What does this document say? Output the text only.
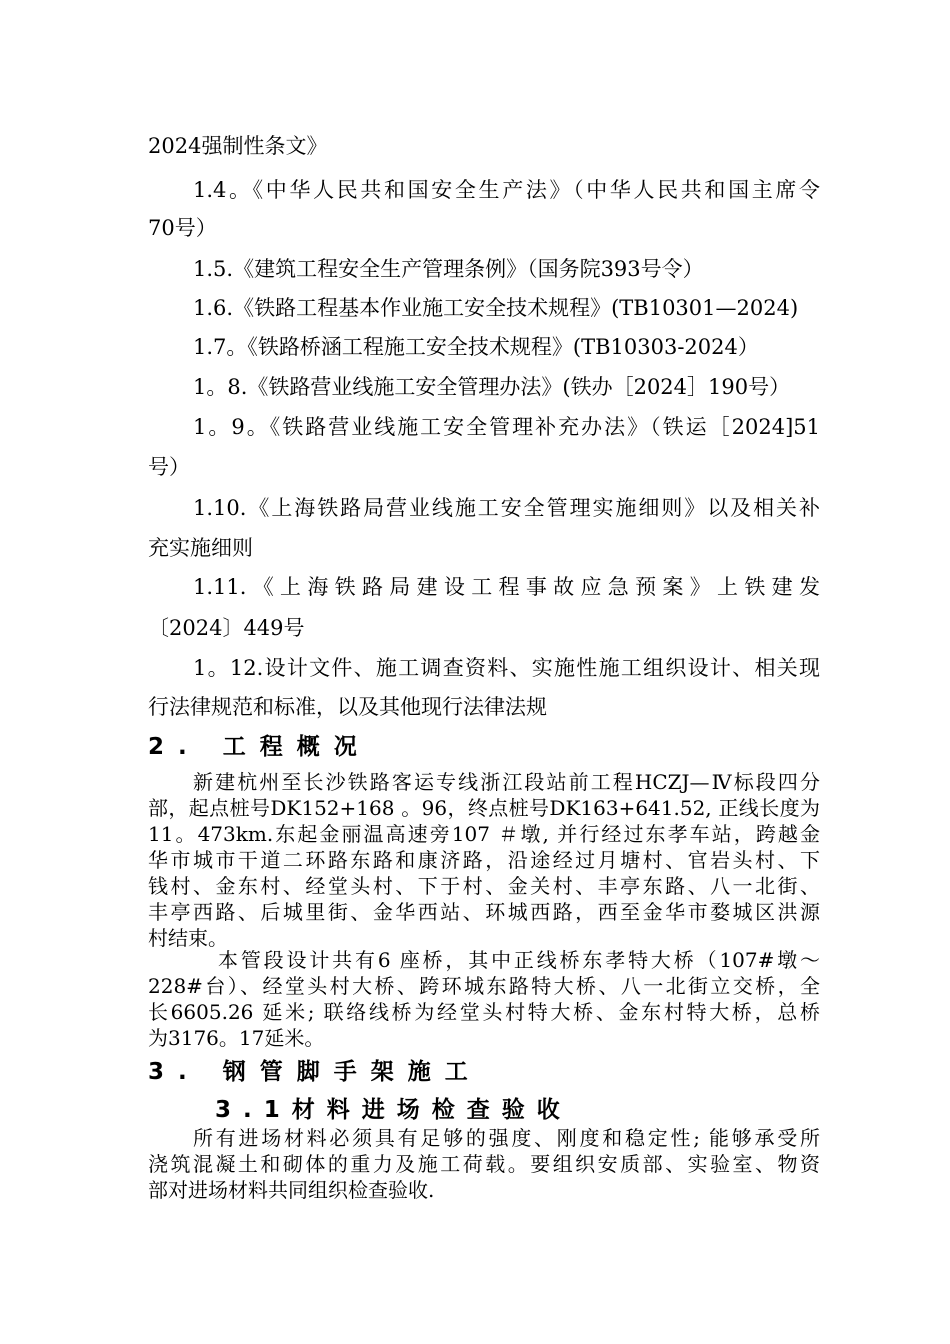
2024强制性条文》
1.4。《中华人民共和国安全生产法》（中华人民共和国主席令
70号）
1.5.《建筑工程安全生产管理条例》（国务院393号令）
1.6.《铁路工程基本作业施工安全技术规程》(TB10301—2024)
1.7。《铁路桥涵工程施工安全技术规程》(TB10303-2024）
1。8.《铁路营业线施工安全管理办法》(铁办［2024］190号）
1。9。《铁路营业线施工安全管理补充办法》（铁运［2024]51
号）
1.10.《上海铁路局营业线施工安全管理实施细则》以及相关补
充实施细则
1.11.《上海铁路局建设工程事故应急预案》上铁建发
〔2024〕449号
1。12.设计文件、施工调查资料、实施性施工组织设计、相关现
行法律规范和标准，以及其他现行法律法规
2. 工程概况
新建杭州至长沙铁路客运专线浙江段站前工程HCZJ—Ⅳ标段四分
部，起点桩号DK152+168 。96，终点桩号DK163+641.52, 正线长度为
11。473km.东起金丽温高速旁107 ＃墩, 并行经过东孝车站，跨越金
华市城市干道二环路东路和康济路，沿途经过月塘村、官岩头村、下
钱村、金东村、经堂头村、下于村、金关村、丰亭东路、八一北街、
丰亭西路、后城里街、金华西站、环城西路，西至金华市婺城区洪源
村结束。
本管段设计共有6 座桥，其中正线桥东孝特大桥（107#墩～
228#台）、经堂头村大桥、跨环城东路特大桥、八一北街立交桥，全
长6605.26 延米; 联络线桥为经堂头村特大桥、金东村特大桥，总桥
为3176。17延米。
3. 钢管脚手架施工
3.1材料进场检查验收
所有进场材料必须具有足够的强度、刚度和稳定性; 能够承受所
浇筑混凝土和砌体的重力及施工荷载。要组织安质部、实验室、物资
部对进场材料共同组织检查验收.
